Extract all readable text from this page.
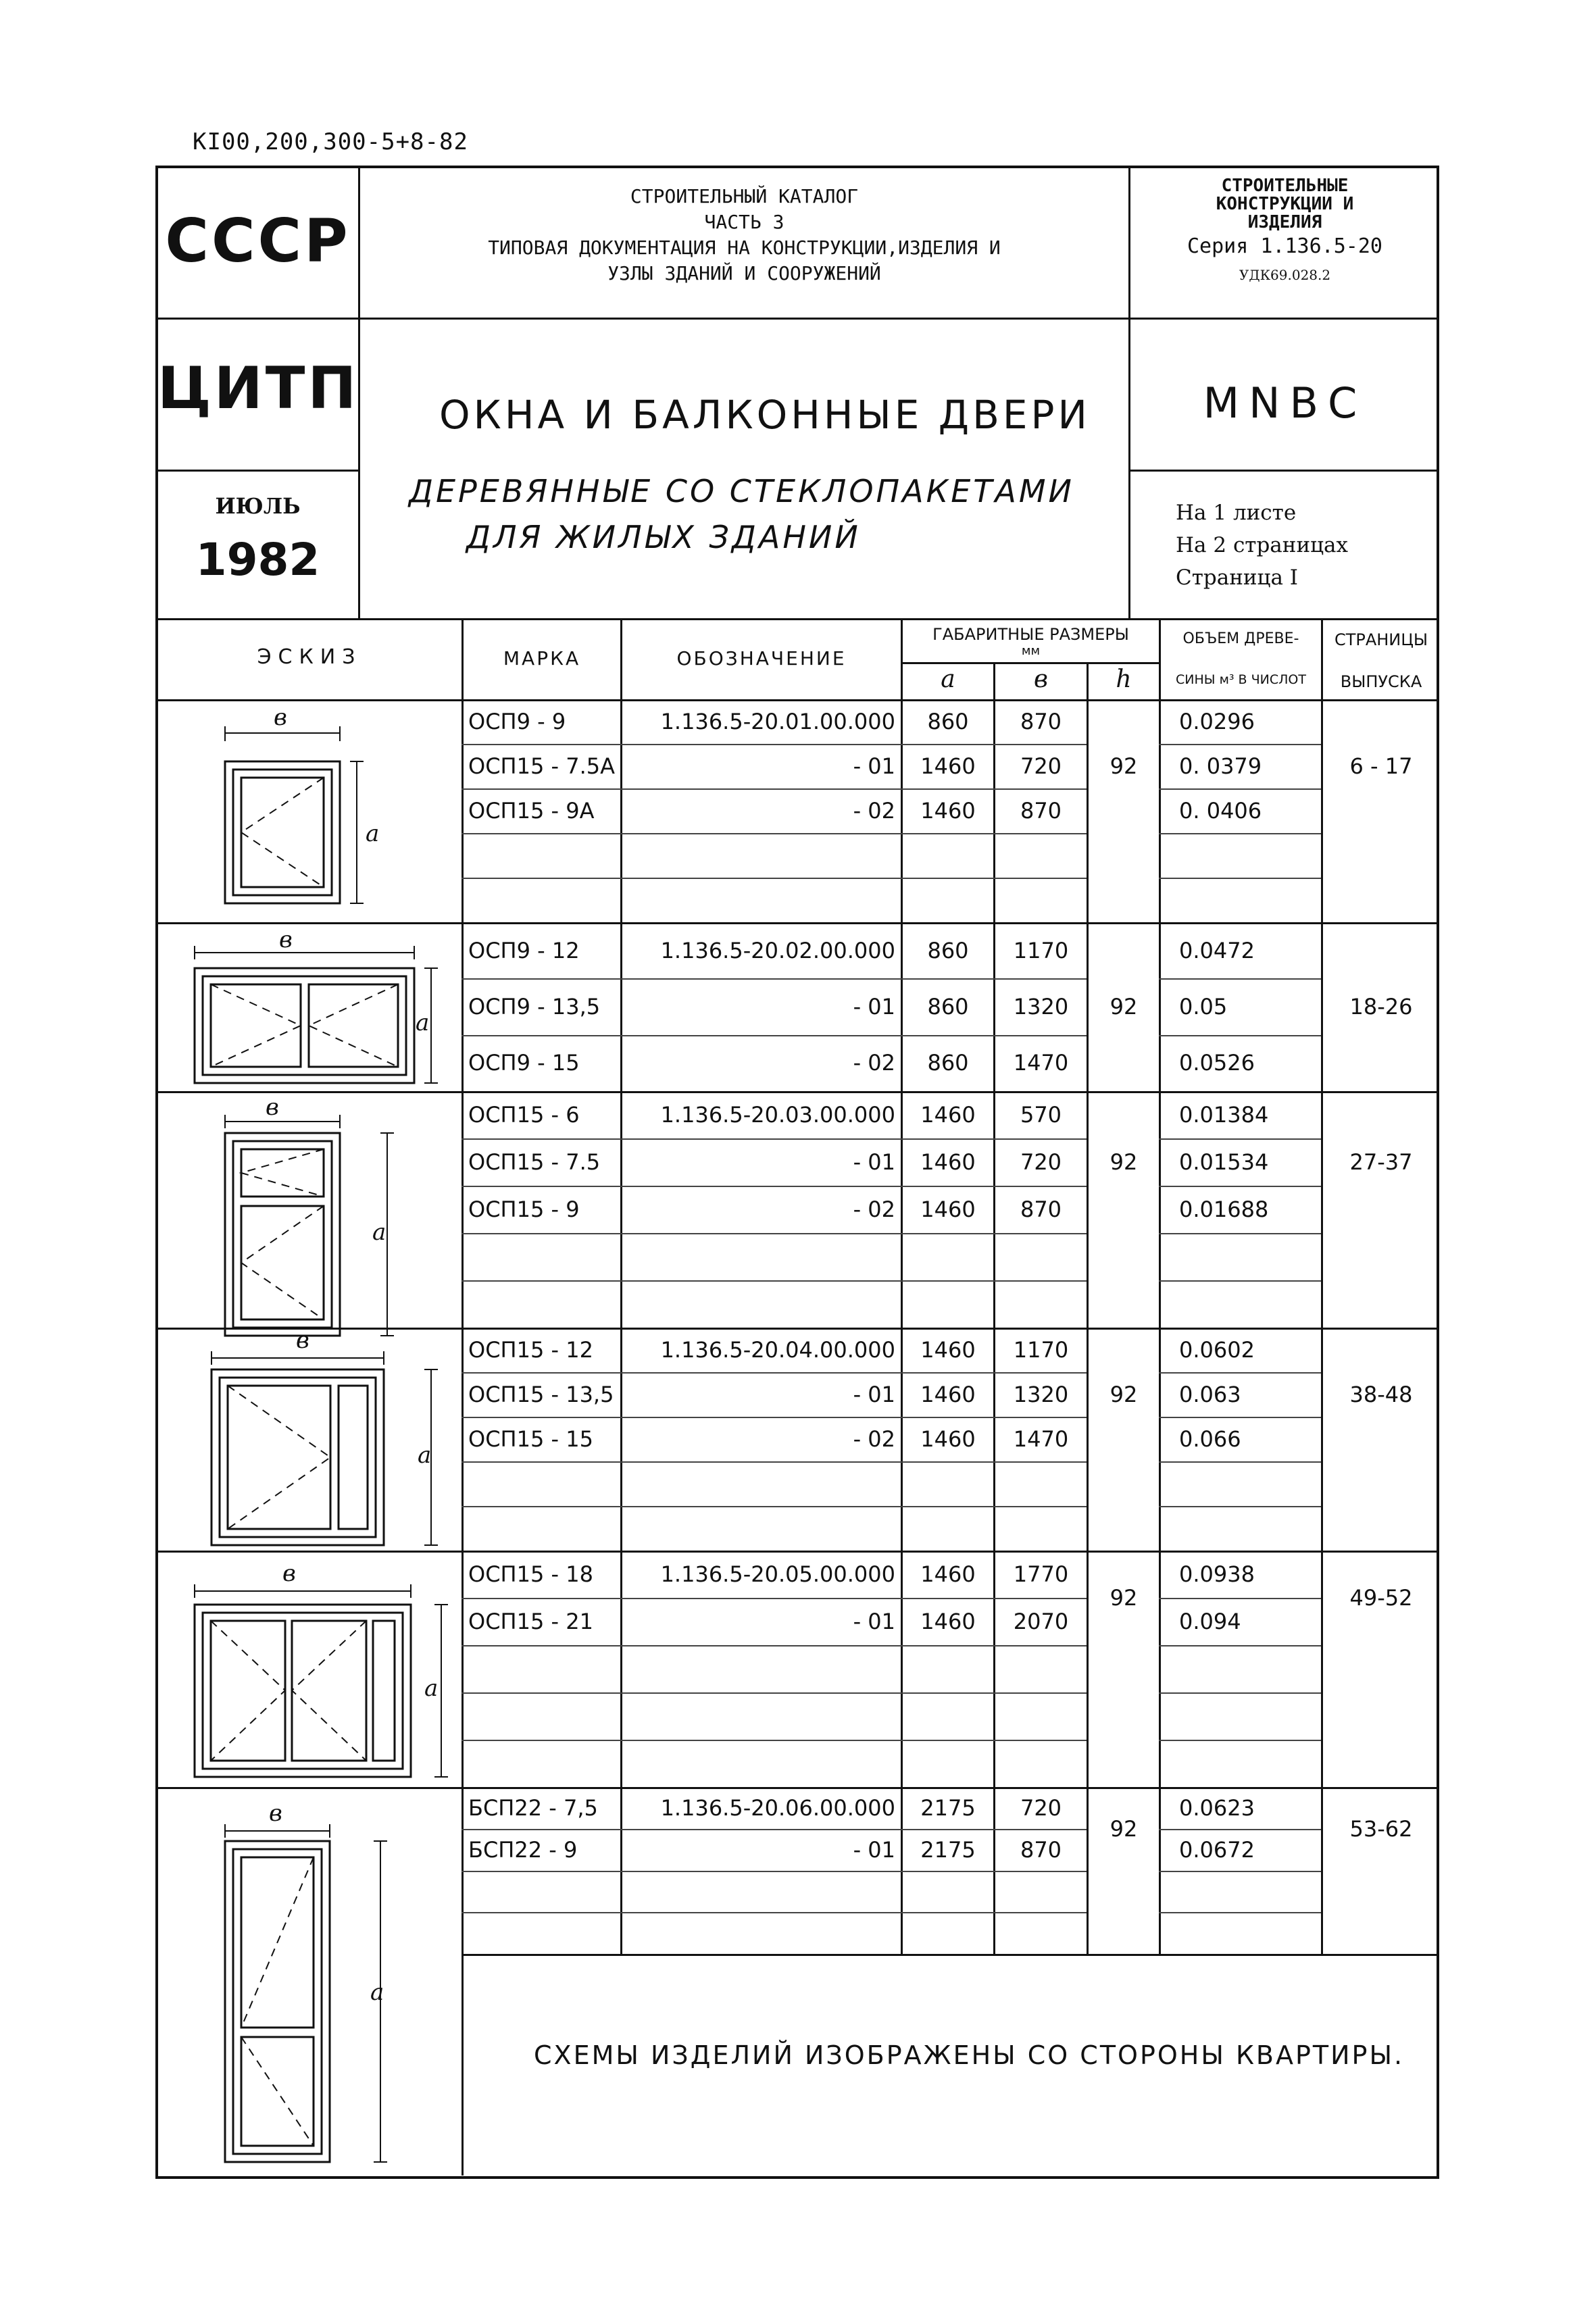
КI00,200,300-5+8-82
СССР
СТРОИТЕЛЬНЫЙ КАТАЛОГ
ЧАСТЬ 3
ТИПОВАЯ ДОКУМЕНТАЦИЯ НА КОНСТРУКЦИИ,ИЗДЕЛИЯ И
УЗЛЫ ЗДАНИЙ И СООРУЖЕНИЙ
СТРОИТЕЛЬНЫЕ
КОНСТРУКЦИИ И
ИЗДЕЛИЯ
Серия 1.136.5-20
УДК69.028.2
ЦИТП
ИЮЛЬ
1982
ОКНА И БАЛКОННЫЕ ДВЕРИ
ДЕРЕВЯННЫЕ СО СТЕКЛОПАКЕТАМИ
ДЛЯ ЖИЛЫХ ЗДАНИЙ
МNВС
На 1 листе
На 2 страницах
Страница I
ЭСКИЗ	МАРКА	ОБОЗНАЧЕНИЕ
ГАБАРИТНЫЕ РАЗМЕРЫ
мм
а	в	h
ОБЪЕМ ДРЕВЕ-
СИНЫ м³ В ЧИСЛОТ
СТРАНИЦЫ
ВЫПУСКА
ОСП9 - 9	1.136.5-20.01.00.000	860	870	0.0296
ОСП15 - 7.5А	- 01	1460	720	0. 0379
ОСП15 - 9А	- 02	1460	870	0. 0406
92	6 - 17
ОСП9 - 12	1.136.5-20.02.00.000	860	1170	0.0472
ОСП9 - 13,5	- 01	860	1320	0.05
ОСП9 - 15	- 02	860	1470	0.0526
92	18-26
ОСП15 - 6	1.136.5-20.03.00.000	1460	570	0.01384
ОСП15 - 7.5	- 01	1460	720	0.01534
ОСП15 - 9	- 02	1460	870	0.01688
92	27-37
ОСП15 - 12	1.136.5-20.04.00.000	1460	1170	0.0602
ОСП15 - 13,5	- 01	1460	1320	0.063
ОСП15 - 15	- 02	1460	1470	0.066
92	38-48
ОСП15 - 18	1.136.5-20.05.00.000	1460	1770	0.0938
ОСП15 - 21	- 01	1460	2070	0.094
92	49-52
БСП22 - 7,5	1.136.5-20.06.00.000	2175	720	0.0623
БСП22 - 9	- 01	2175	870	0.0672
92	53-62
СХЕМЫ ИЗДЕЛИЙ ИЗОБРАЖЕНЫ СО СТОРОНЫ КВАРТИРЫ.
в
а
в
а
в
а
в
а
в
а
в
а
